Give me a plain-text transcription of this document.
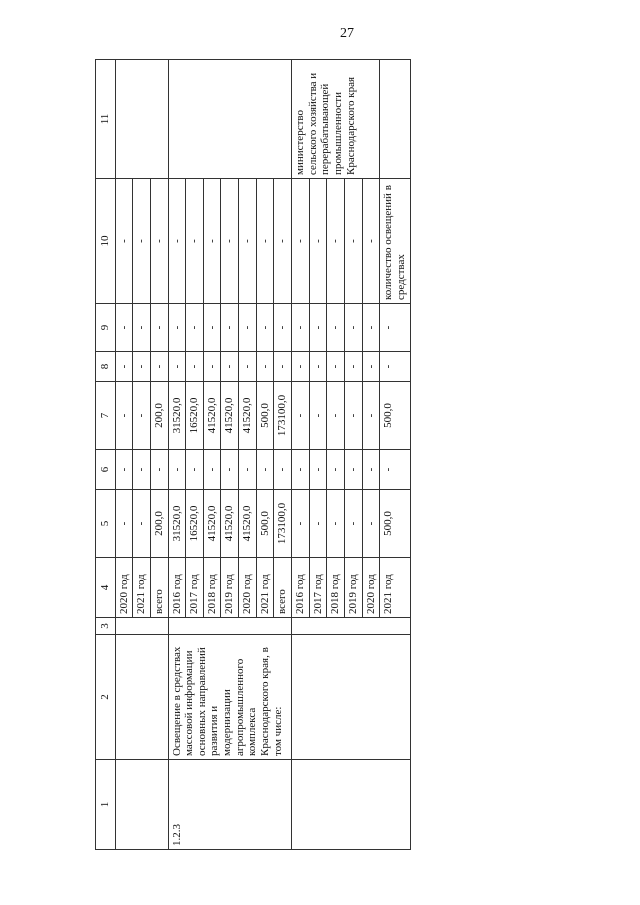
27
1	2	3	4	5	6	7	8	9	10	11
			2020 год	-	-	-	-	-	-	
			2021 год	-	-	-	-	-	-	
			всего	200,0	-	200,0	-	-	-	
1.2.3	Освещение в средствах массовой информации основных направлений развития и модернизации агропромышленного комплекса Краснодарского края, в том числе:		2016 год	31520,0	-	31520,0	-	-	-	
			2017 год	16520,0	-	16520,0	-	-	-	
			2018 год	41520,0	-	41520,0	-	-	-	
			2019 год	41520,0	-	41520,0	-	-	-	
			2020 год	41520,0	-	41520,0	-	-	-	
			2021 год	500,0	-	500,0	-	-	-	
			всего	173100,0	-	173100,0	-	-	-	
			2016 год	-	-	-	-	-	-	министерство сельского хозяйства и перерабатывающей промышленности Краснодарского края
			2017 год	-	-	-	-	-	-	
			2018 год	-	-	-	-	-	-	
			2019 год	-	-	-	-	-	-	
			2020 год	-	-	-	-	-	-	
			2021 год	500,0	-	500,0	-	-	количество освещений в средствах	
